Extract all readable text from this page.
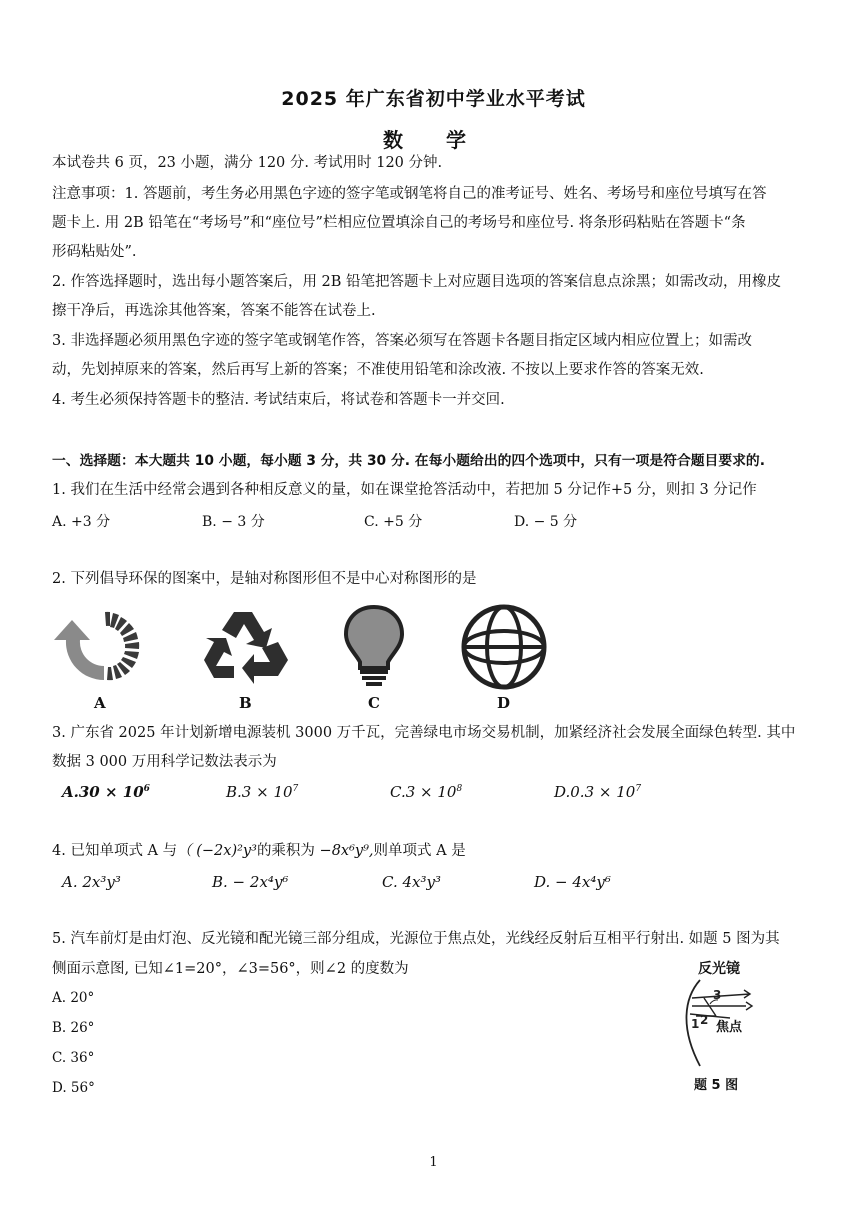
2025 年广东省初中学业水平考试
数 学
本试卷共 6 页，23 小题，满分 120 分. 考试用时 120 分钟.
注意事项：1. 答题前，考生务必用黑色字迹的签字笔或钢笔将自己的准考证号、姓名、考场号和座位号填写在答
题卡上. 用 2B 铅笔在“考场号”和“座位号”栏相应位置填涂自己的考场号和座位号. 将条形码粘贴在答题卡“条
形码粘贴处”.
2. 作答选择题时，选出每小题答案后，用 2B 铅笔把答题卡上对应题目选项的答案信息点涂黑；如需改动，用橡皮
擦干净后，再选涂其他答案，答案不能答在试卷上.
3. 非选择题必须用黑色字迹的签字笔或钢笔作答，答案必须写在答题卡各题目指定区域内相应位置上；如需改
动，先划掉原来的答案，然后再写上新的答案；不准使用铅笔和涂改液. 不按以上要求作答的答案无效.
4. 考生必须保持答题卡的整洁. 考试结束后，将试卷和答题卡一并交回.
一、选择题：本大题共 10 小题，每小题 3 分，共 30 分. 在每小题给出的四个选项中，只有一项是符合题目要求的.
1. 我们在生活中经常会遇到各种相反意义的量，如在课堂抢答活动中，若把加 5 分记作+5 分，则扣 3 分记作
A. +3 分	B. − 3 分	C. +5 分	D. − 5 分
2. 下列倡导环保的图案中，是轴对称图形但不是中心对称图形的是
A	B	C	D
3. 广东省 2025 年计划新增电源装机 3000 万千瓦，完善绿电市场交易机制，加紧经济社会发展全面绿色转型. 其中
数据 3 000 万用科学记数法表示为
$A.30 \times 10^6$	$B.3 \times 10^7$	$C.3 \times 10^8$	$D.0.3 \times 10^7$
4. 已知单项式 A 与（ (−2x)²y³的乘积为 −8x⁶y⁹,则单项式 A 是
A. 2x³y³	B. − 2x⁴y⁶	C. 4x³y³	D. − 4x⁴y⁶
5. 汽车前灯是由灯泡、反光镜和配光镜三部分组成，光源位于焦点处，光线经反射后互相平行射出. 如题 5 图为其
侧面示意图, 已知∠1=20°，∠3=56°，则∠2 的度数为
A. 20°
B. 26°
C. 36°
D. 56°
反光镜
3
1 2 焦点
题 5 图
1
